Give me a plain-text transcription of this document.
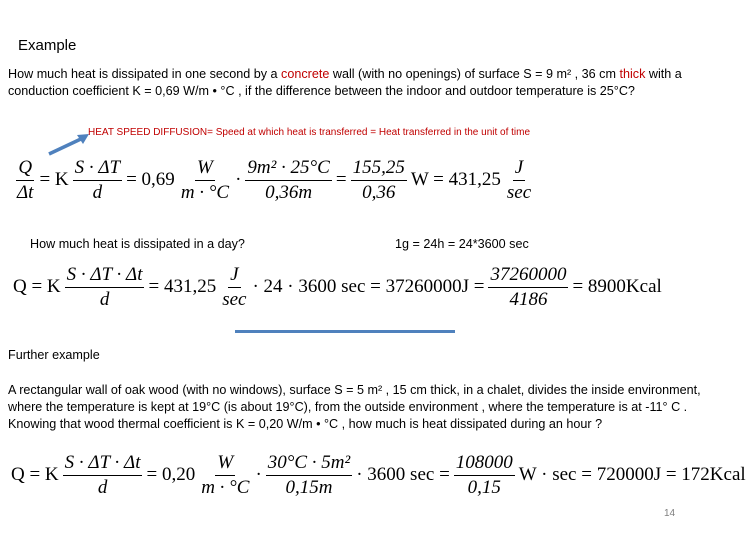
Example
How much heat is dissipated in one second by a concrete wall (with no openings) of surface S = 9 m² , 36 cm thick with a conduction coefficient K = 0,69 W/m • °C , if the difference between the indoor and outdoor temperature is 25°C?
HEAT SPEED DIFFUSION= Speed at which heat is transferred = Heat transferred in the unit of time
$\frac{Q}{\Delta t} = K \frac{S \cdot \Delta T}{d} = 0,69 \frac{W}{m \cdot ^\circ C} \cdot \frac{\text{9m² · 25°C}}{0,36m} = \frac{155,25}{0,36}$ $W = 431,25 \frac{J}{\sec}$
How much heat is dissipated in a day?	1g = 24h = 24*3600 sec
Q = K $\frac{S \cdot \Delta T \cdot \Delta t}{d} = 431,25 \frac{J}{\sec} \cdot 24 \cdot 3600$ $\sec = 37260000J = \frac{37260000}{4186}$ = 8900Kcal
Further example
A rectangular wall of oak wood (with no windows), surface S = 5 m² , 15 cm thick, in a chalet, divides the inside environment, where the temperature is kept at 19°C (is about 19°C), from the outside environment , where the temperature is at -11° C . Knowing that wood thermal coefficient is K = 0,20 W/m • °C , how much is heat dissipated during an hour ?
Q = K $\frac{S \cdot \Delta T \cdot \Delta t}{d} = 0,20 \frac{W}{m \cdot ^\circ C} \cdot \frac{\text{30°C · 5m²}}{0,15m} \cdot 3600$ $\sec = \frac{108000}{0,15}$ W · sec = 720000J = 172Kcal
14
